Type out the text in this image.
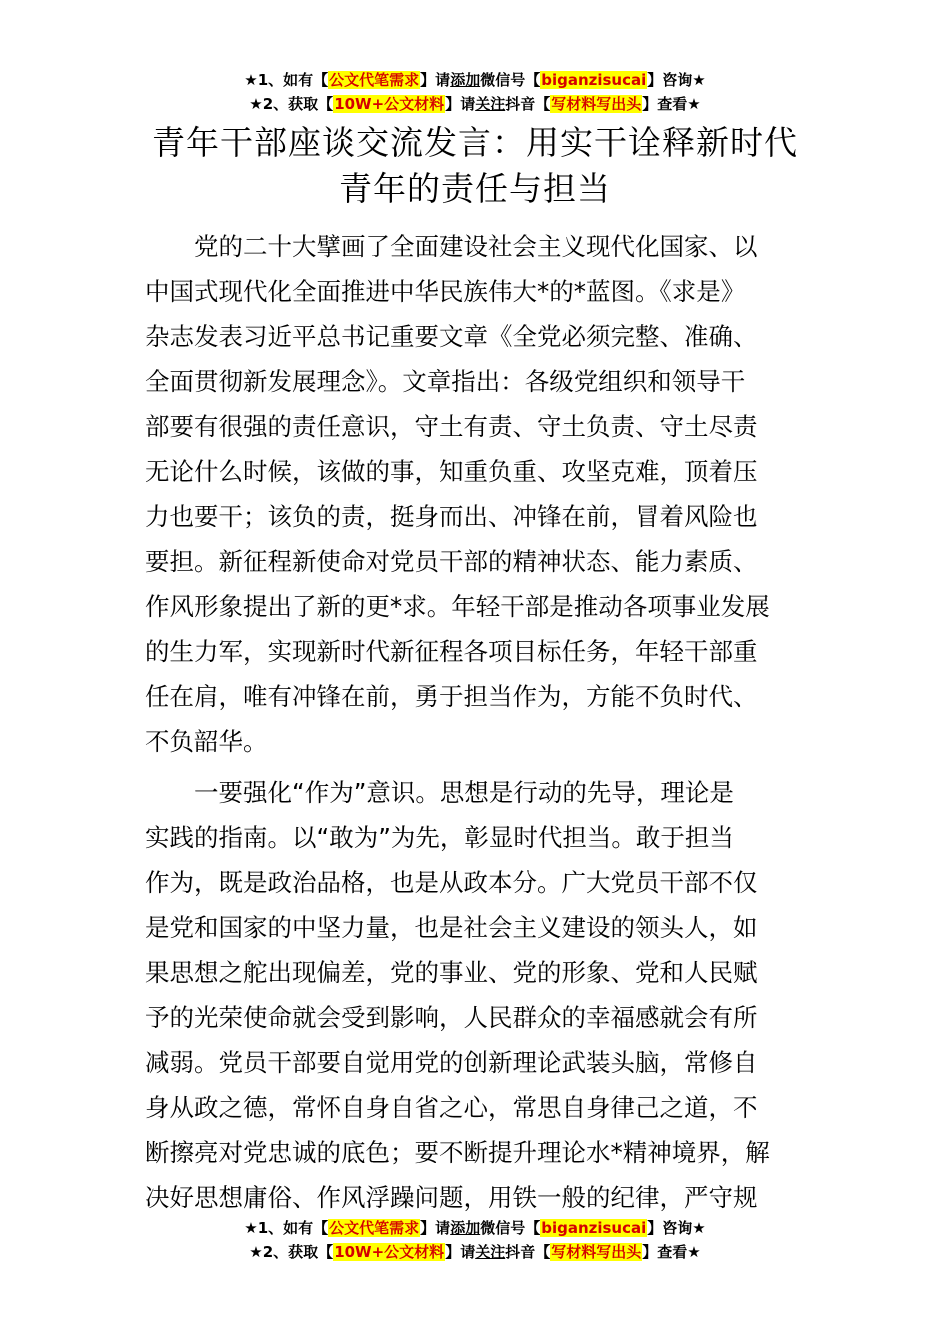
★1、如有【公文代笔需求】请添加微信号【biganzisucai】咨询★
★2、获取【10W+公文材料】请关注抖音【写材料写出头】查看★
青年干部座谈交流发言：用实干诠释新时代
青年的责任与担当
党的二十大擘画了全面建设社会主义现代化国家、以
中国式现代化全面推进中华民族伟大*的*蓝图。《求是》
杂志发表习近平总书记重要文章《全党必须完整、准确、
全面贯彻新发展理念》。文章指出：各级党组织和领导干
部要有很强的责任意识，守土有责、守土负责、守土尽责
无论什么时候，该做的事，知重负重、攻坚克难，顶着压
力也要干；该负的责，挺身而出、冲锋在前，冒着风险也
要担。新征程新使命对党员干部的精神状态、能力素质、
作风形象提出了新的更*求。年轻干部是推动各项事业发展
的生力军，实现新时代新征程各项目标任务，年轻干部重
任在肩，唯有冲锋在前，勇于担当作为，方能不负时代、
不负韶华。
一要强化“作为”意识。思想是行动的先导，理论是
实践的指南。以“敢为”为先，彰显时代担当。敢于担当
作为，既是政治品格，也是从政本分。广大党员干部不仅
是党和国家的中坚力量，也是社会主义建设的领头人，如
果思想之舵出现偏差，党的事业、党的形象、党和人民赋
予的光荣使命就会受到影响，人民群众的幸福感就会有所
减弱。党员干部要自觉用党的创新理论武装头脑，常修自
身从政之德，常怀自身自省之心，常思自身律己之道，不
断擦亮对党忠诚的底色；要不断提升理论水*精神境界，解
决好思想庸俗、作风浮躁问题，用铁一般的纪律，严守规
★1、如有【公文代笔需求】请添加微信号【biganzisucai】咨询★
★2、获取【10W+公文材料】请关注抖音【写材料写出头】查看★
